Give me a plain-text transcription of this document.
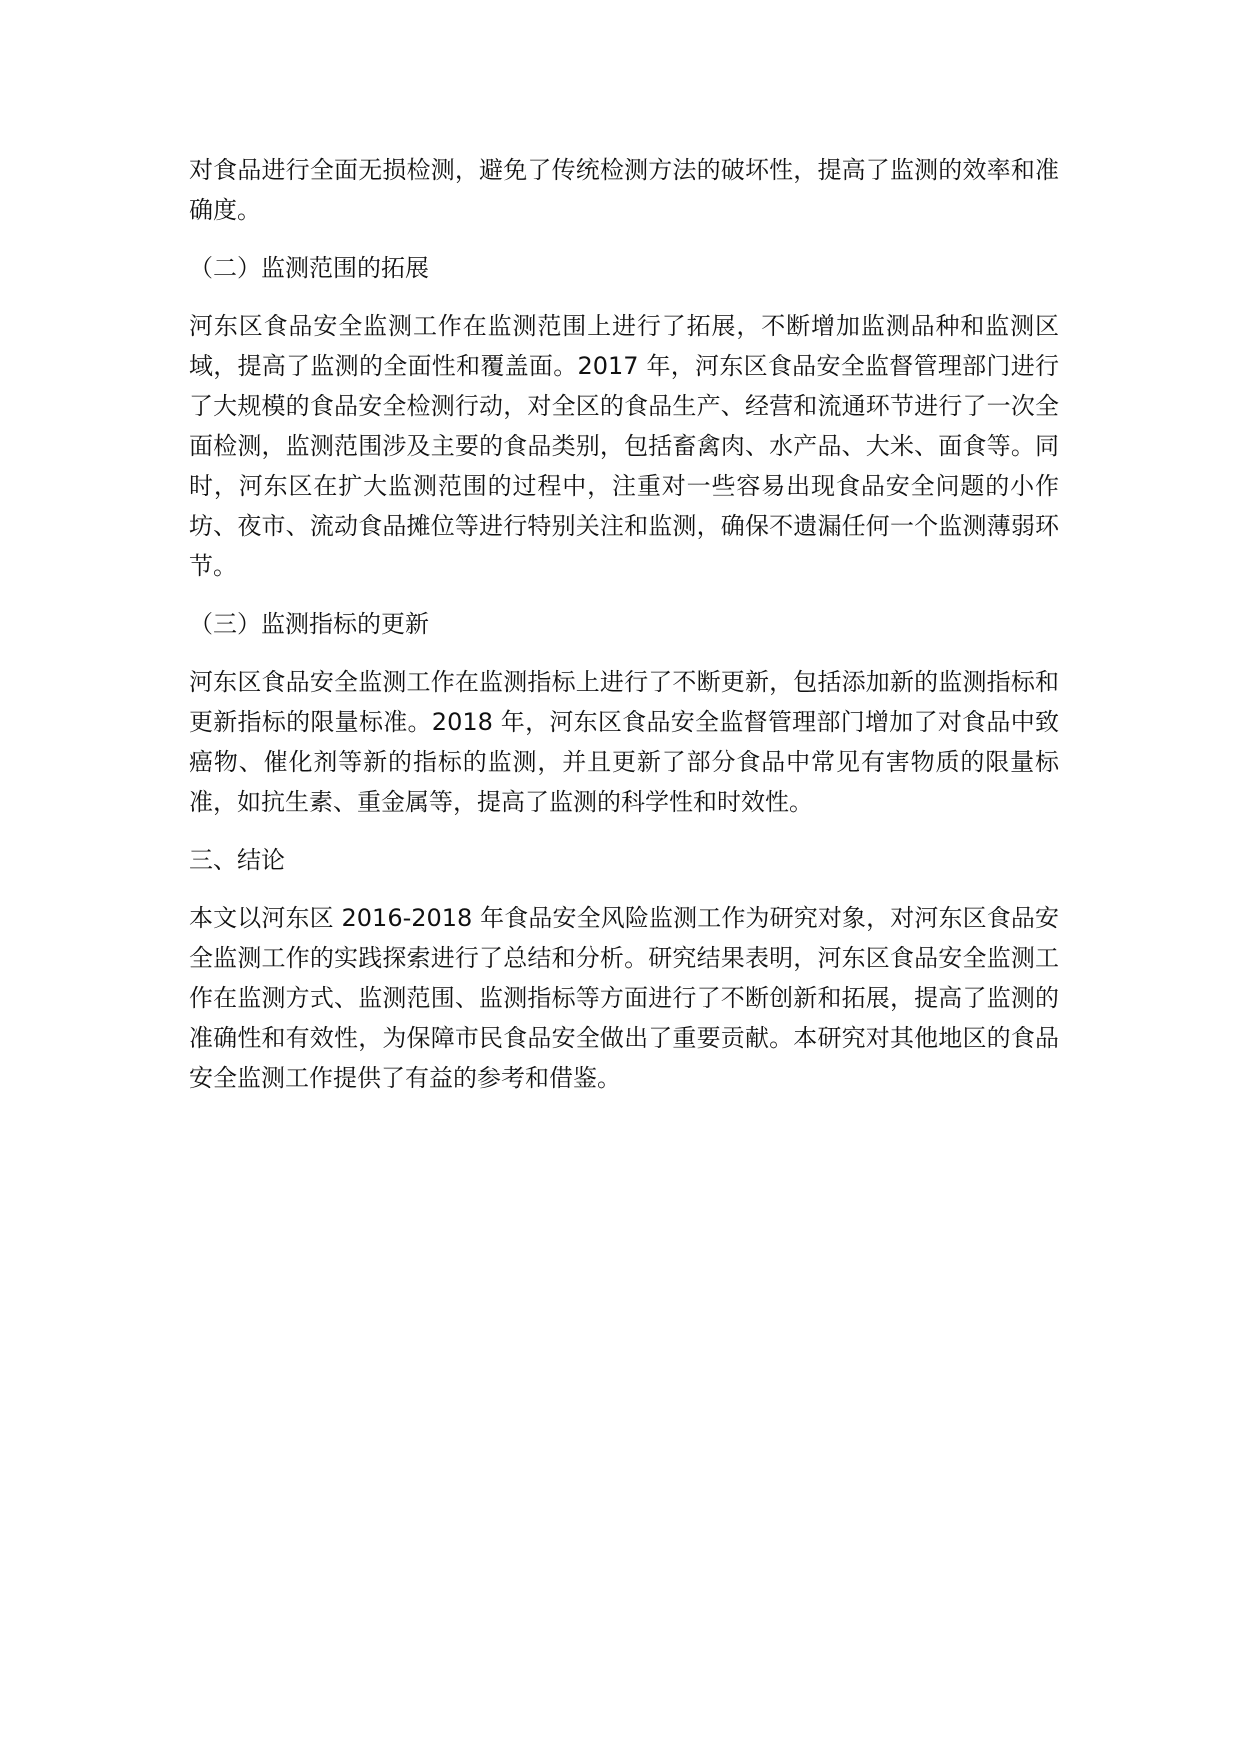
对食品进行全面无损检测，避免了传统检测方法的破坏性，提高了监测的效率和准确度。

（二）监测范围的拓展

河东区食品安全监测工作在监测范围上进行了拓展，不断增加监测品种和监测区域，提高了监测的全面性和覆盖面。2017 年，河东区食品安全监督管理部门进行了大规模的食品安全检测行动，对全区的食品生产、经营和流通环节进行了一次全面检测，监测范围涉及主要的食品类别，包括畜禽肉、水产品、大米、面食等。同时，河东区在扩大监测范围的过程中，注重对一些容易出现食品安全问题的小作坊、夜市、流动食品摊位等进行特别关注和监测，确保不遗漏任何一个监测薄弱环节。

（三）监测指标的更新

河东区食品安全监测工作在监测指标上进行了不断更新，包括添加新的监测指标和更新指标的限量标准。2018 年，河东区食品安全监督管理部门增加了对食品中致癌物、催化剂等新的指标的监测，并且更新了部分食品中常见有害物质的限量标准，如抗生素、重金属等，提高了监测的科学性和时效性。

三、结论

本文以河东区 2016-2018 年食品安全风险监测工作为研究对象，对河东区食品安全监测工作的实践探索进行了总结和分析。研究结果表明，河东区食品安全监测工作在监测方式、监测范围、监测指标等方面进行了不断创新和拓展，提高了监测的准确性和有效性，为保障市民食品安全做出了重要贡献。本研究对其他地区的食品安全监测工作提供了有益的参考和借鉴。
